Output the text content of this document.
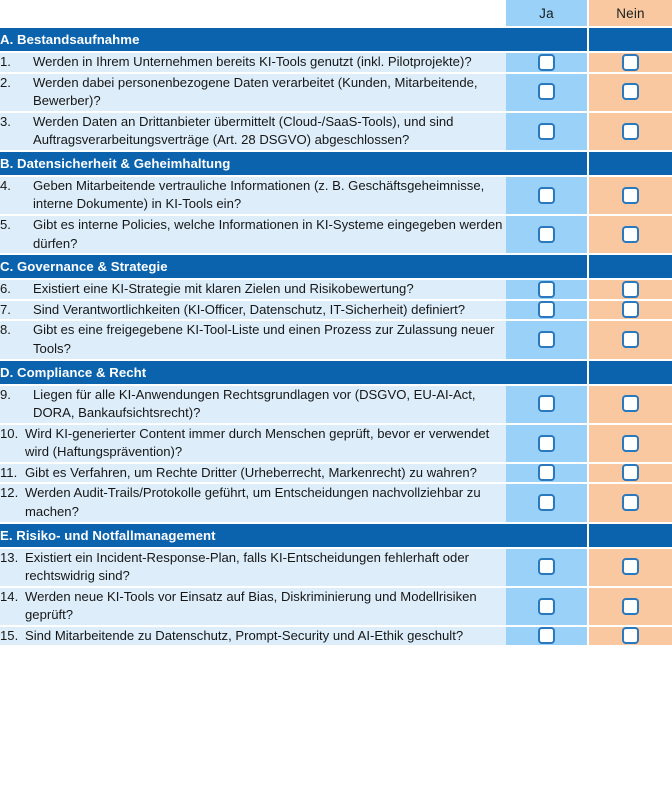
	Ja	Nein
A. Bestandsaufnahme		

1. Werden in Ihrem Unternehmen bereits KI-Tools genutzt (inkl. Pilotprojekte)?		

2. Werden dabei personenbezogene Daten verarbeitet (Kunden, Mitarbeitende, Bewerber)?		

3. Werden Daten an Drittanbieter übermittelt (Cloud-/SaaS-Tools), und sind Auftragsverarbeitungsverträge (Art. 28 DSGVO) abgeschlossen?		

B. Datensicherheit & Geheimhaltung		

4. Geben Mitarbeitende vertrauliche Informationen (z. B. Geschäftsgeheimnisse, interne Dokumente) in KI-Tools ein?		

5. Gibt es interne Policies, welche Informationen in KI-Systeme eingegeben werden dürfen?		

C. Governance & Strategie		

6. Existiert eine KI-Strategie mit klaren Zielen und Risikobewertung?		

7. Sind Verantwortlichkeiten (KI-Officer, Datenschutz, IT-Sicherheit) definiert?		

8. Gibt es eine freigegebene KI-Tool-Liste und einen Prozess zur Zulassung neuer Tools?		

D. Compliance & Recht		

9. Liegen für alle KI-Anwendungen Rechtsgrundlagen vor (DSGVO, EU-AI-Act, DORA, Bankaufsichtsrecht)?		

10. Wird KI-generierter Content immer durch Menschen geprüft, bevor er verwendet wird (Haftungsprävention)?		

11. Gibt es Verfahren, um Rechte Dritter (Urheberrecht, Markenrecht) zu wahren?		

12. Werden Audit-Trails/Protokolle geführt, um Entscheidungen nachvollziehbar zu machen?		

E. Risiko- und Notfallmanagement		

13. Existiert ein Incident-Response-Plan, falls KI-Entscheidungen fehlerhaft oder rechtswidrig sind?		

14. Werden neue KI-Tools vor Einsatz auf Bias, Diskriminierung und Modellrisiken geprüft?		

15. Sind Mitarbeitende zu Datenschutz, Prompt-Security und AI-Ethik geschult?		
